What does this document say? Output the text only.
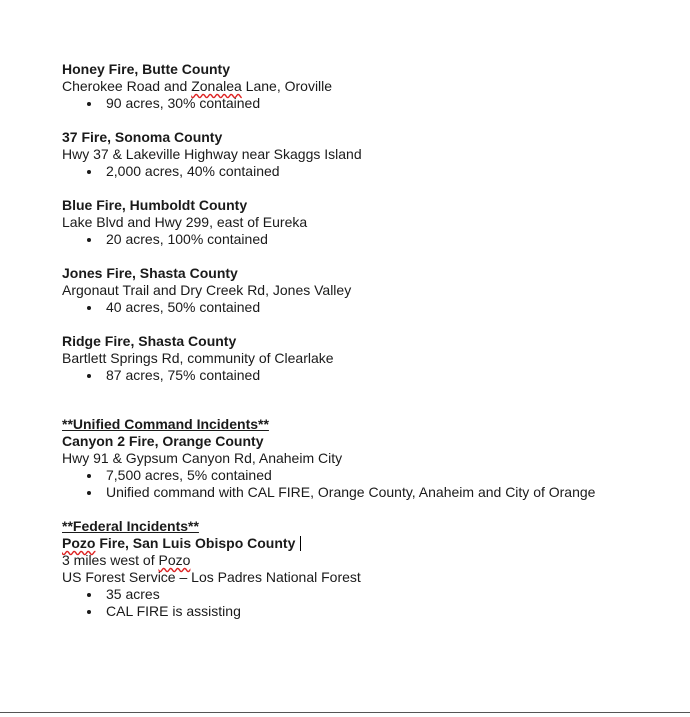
Honey Fire, Butte County
Cherokee Road and Zonalea Lane, Oroville
90 acres, 30% contained
37 Fire, Sonoma County
Hwy 37 & Lakeville Highway near Skaggs Island
2,000 acres, 40% contained
Blue Fire, Humboldt County
Lake Blvd and Hwy 299, east of Eureka
20 acres, 100% contained
Jones Fire, Shasta County
Argonaut Trail and Dry Creek Rd, Jones Valley
40 acres, 50% contained
Ridge Fire, Shasta County
Bartlett Springs Rd, community of Clearlake
87 acres, 75% contained
**Unified Command Incidents**
Canyon 2 Fire, Orange County
Hwy 91 & Gypsum Canyon Rd, Anaheim City
7,500 acres, 5% contained
Unified command with CAL FIRE, Orange County, Anaheim and City of Orange
**Federal Incidents**
Pozo Fire, San Luis Obispo County
3 miles west of Pozo
US Forest Service – Los Padres National Forest
35 acres
CAL FIRE is assisting
